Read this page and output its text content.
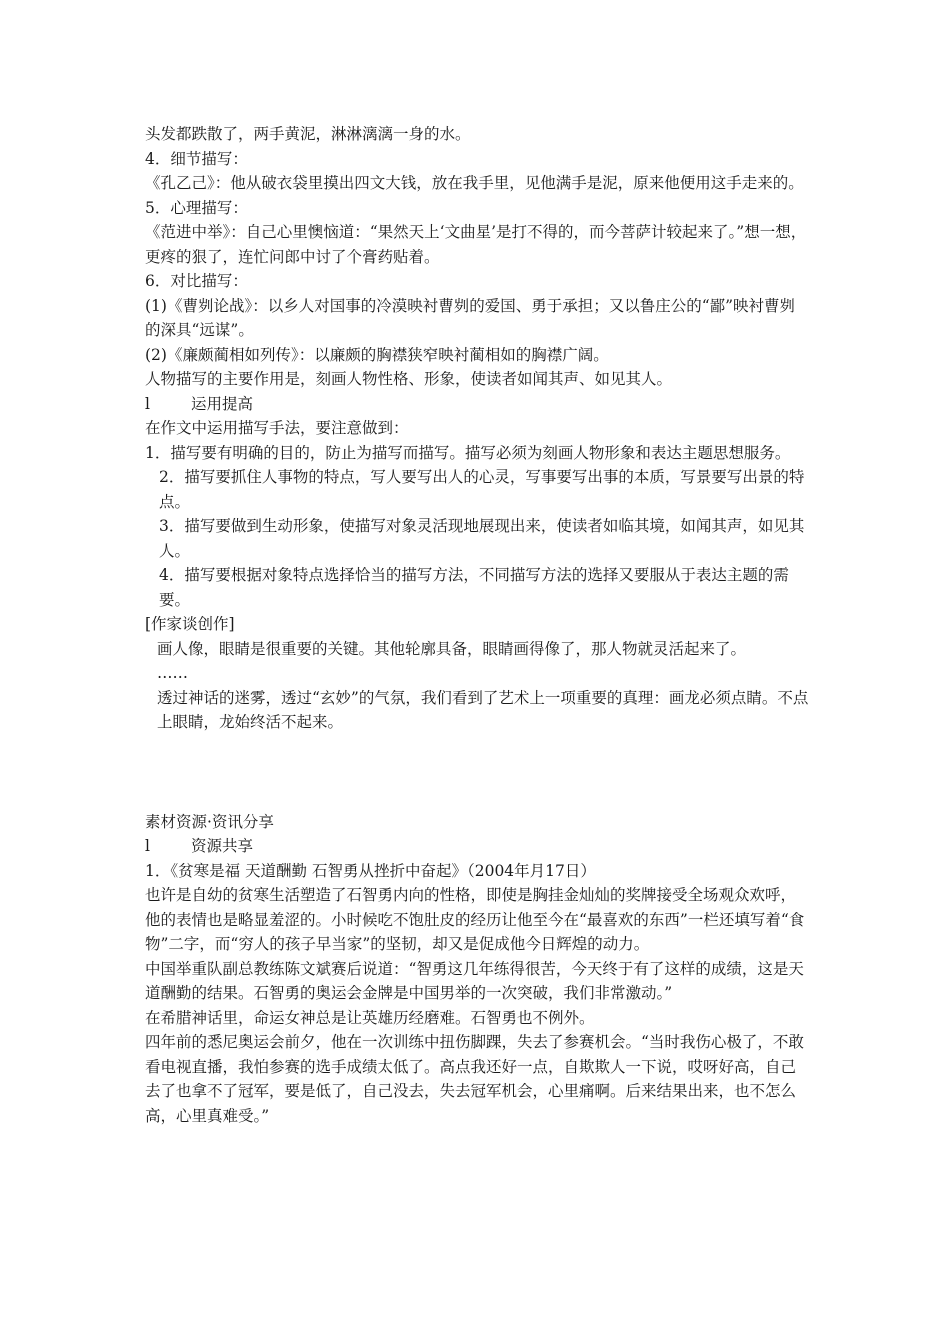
头发都跌散了，两手黄泥，淋淋漓漓一身的水。

4．细节描写：

《孔乙己》：他从破衣袋里摸出四文大钱，放在我手里，见他满手是泥，原来他便用这手走来的。

5．心理描写：

《范进中举》：自己心里懊恼道：“果然天上‘文曲星’是打不得的，而今菩萨计较起来了。”想一想，更疼的狠了，连忙问郎中讨了个膏药贴着。

6．对比描写：

(1)《曹刿论战》：以乡人对国事的冷漠映衬曹刿的爱国、勇于承担；又以鲁庄公的“鄙”映衬曹刿的深具“远谋”。

(2)《廉颇蔺相如列传》：以廉颇的胸襟狭窄映衬蔺相如的胸襟广阔。

人物描写的主要作用是，刻画人物性格、形象，使读者如闻其声、如见其人。

l	运用提高

在作文中运用描写手法，要注意做到：

1．描写要有明确的目的，防止为描写而描写。描写必须为刻画人物形象和表达主题思想服务。

2．描写要抓住人事物的特点，写人要写出人的心灵，写事要写出事的本质，写景要写出景的特点。

3．描写要做到生动形象，使描写对象灵活现地展现出来，使读者如临其境，如闻其声，如见其人。

4．描写要根据对象特点选择恰当的描写方法，不同描写方法的选择又要服从于表达主题的需要。

[作家谈创作]

画人像，眼睛是很重要的关键。其他轮廓具备，眼睛画得像了，那人物就灵活起来了。

……

透过神话的迷雾，透过“玄妙”的气氛，我们看到了艺术上一项重要的真理：画龙必须点睛。不点上眼睛，龙始终活不起来。

素材资源·资讯分享

l	资源共享

1．《贫寒是福 天道酬勤 石智勇从挫折中奋起》（2004年月17日）

也许是自幼的贫寒生活塑造了石智勇内向的性格，即使是胸挂金灿灿的奖牌接受全场观众欢呼，他的表情也是略显羞涩的。小时候吃不饱肚皮的经历让他至今在“最喜欢的东西”一栏还填写着“食物”二字，而“穷人的孩子早当家”的坚韧，却又是促成他今日辉煌的动力。

中国举重队副总教练陈文斌赛后说道：“智勇这几年练得很苦，今天终于有了这样的成绩，这是天道酬勤的结果。石智勇的奥运会金牌是中国男举的一次突破，我们非常激动。”

在希腊神话里，命运女神总是让英雄历经磨难。石智勇也不例外。

四年前的悉尼奥运会前夕，他在一次训练中扭伤脚踝，失去了参赛机会。“当时我伤心极了，不敢看电视直播，我怕参赛的选手成绩太低了。高点我还好一点，自欺欺人一下说，哎呀好高，自己去了也拿不了冠军，要是低了，自己没去，失去冠军机会，心里痛啊。后来结果出来，也不怎么高，心里真难受。”
